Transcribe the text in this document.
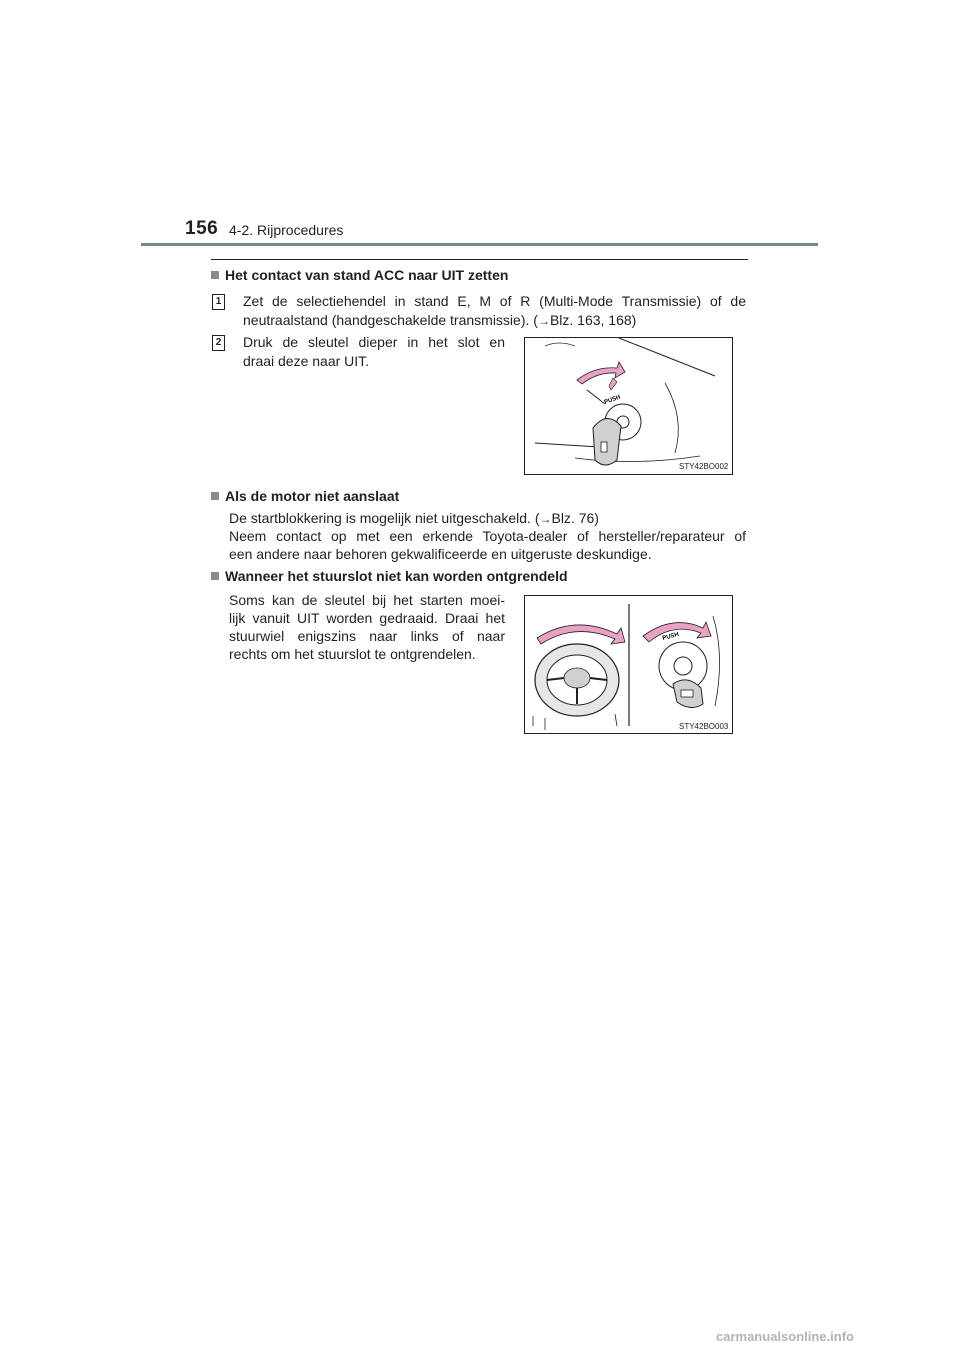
156 4-2. Rijprocedures
Het contact van stand ACC naar UIT zetten
1 Zet de selectiehendel in stand E, M of R (Multi-Mode Transmissie) of de
neutraalstand (handgeschakelde transmissie). (→Blz. 163, 168)
2 Druk de sleutel dieper in het slot en
draai deze naar UIT.
PUSH
STY42BO002
Als de motor niet aanslaat
De startblokkering is mogelijk niet uitgeschakeld. (→Blz. 76)
Neem contact op met een erkende Toyota-dealer of hersteller/reparateur of
een andere naar behoren gekwalificeerde en uitgeruste deskundige.
Wanneer het stuurslot niet kan worden ontgrendeld
Soms kan de sleutel bij het starten moei-
lijk vanuit UIT worden gedraaid. Draai het
stuurwiel enigszins naar links of naar
rechts om het stuurslot te ontgrendelen.
PUSH
STY42BO003
carmanualsonline.info
